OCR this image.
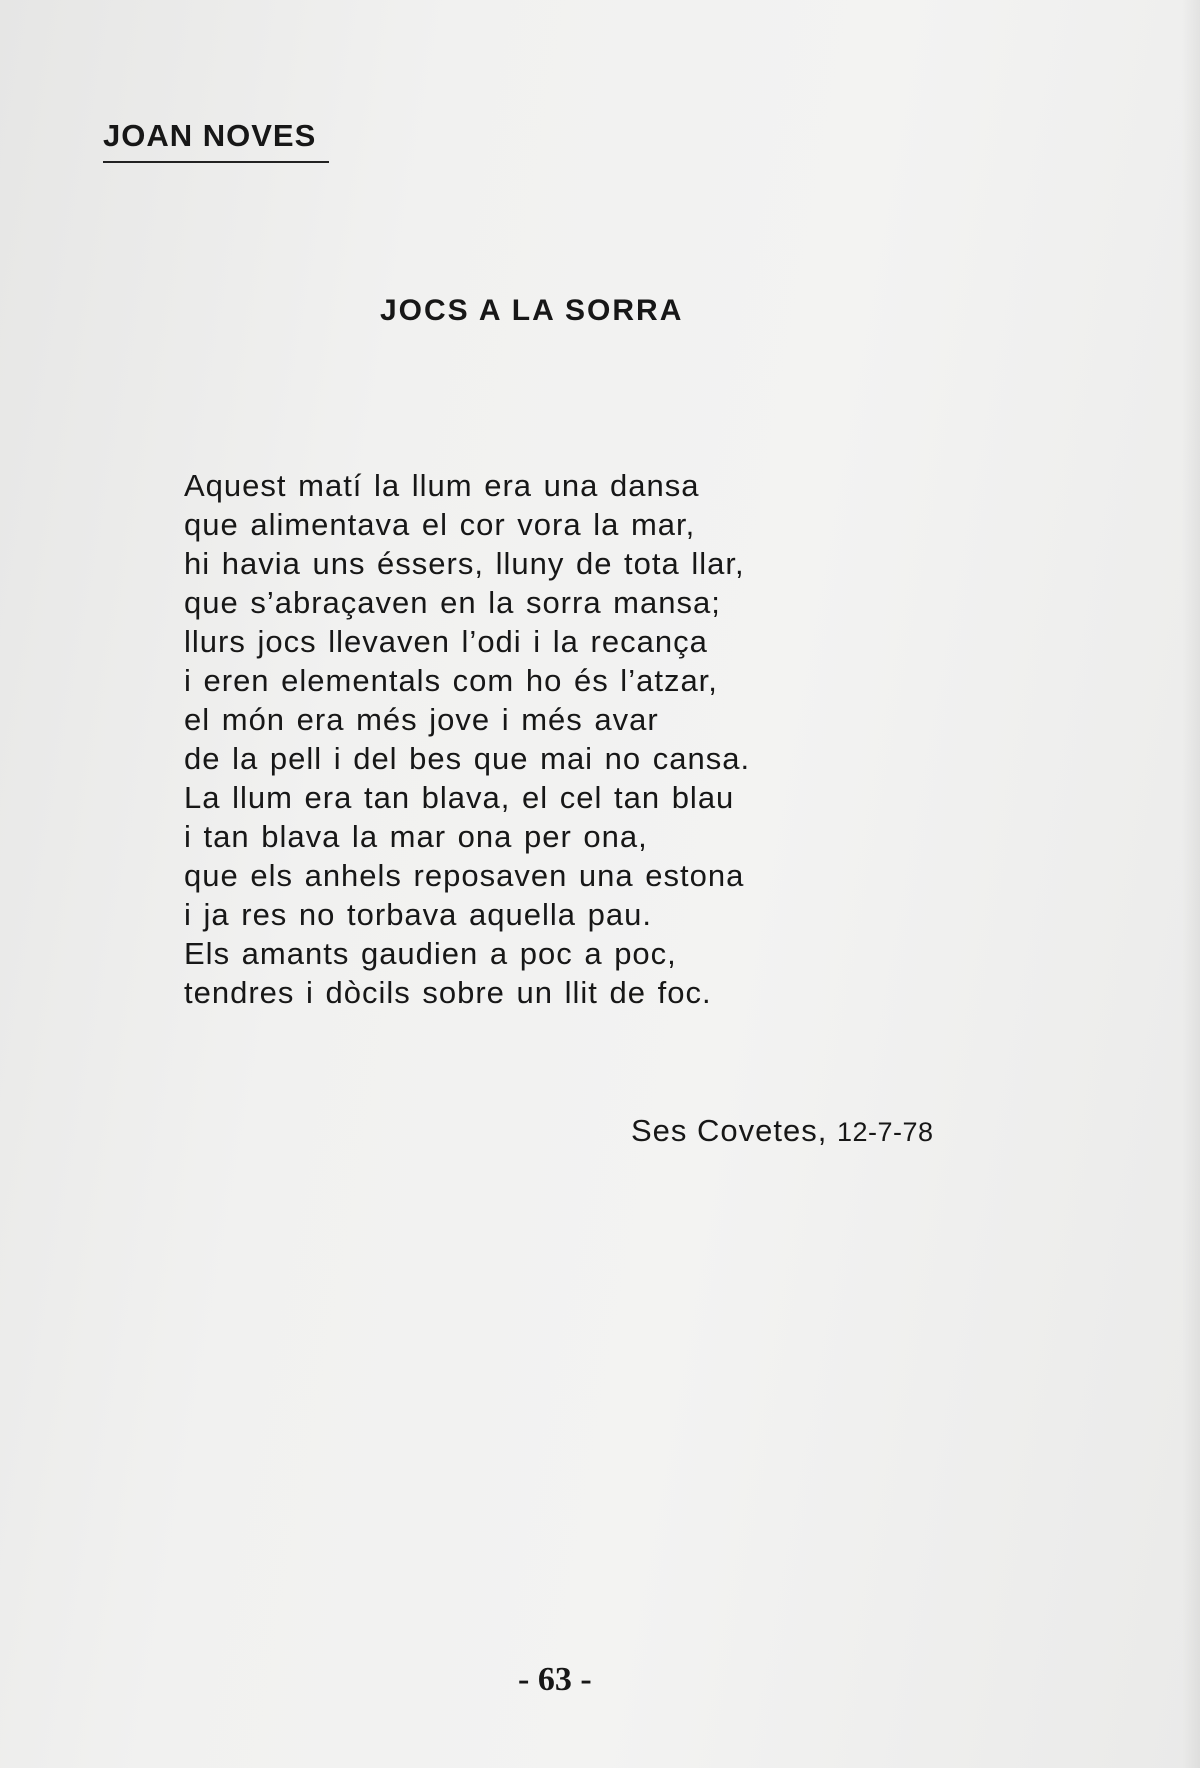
JOAN NOVES
JOCS A LA SORRA
Aquest matí la llum era una dansa
que alimentava el cor vora la mar,
hi havia uns éssers, lluny de tota llar,
que s’abraçaven en la sorra mansa;
llurs jocs llevaven l’odi i la recança
i eren elementals com ho és l’atzar,
el món era més jove i més avar
de la pell i del bes que mai no cansa.
La llum era tan blava, el cel tan blau
i tan blava la mar ona per ona,
que els anhels reposaven una estona
i ja res no torbava aquella pau.
Els amants gaudien a poc a poc,
tendres i dòcils sobre un llit de foc.
Ses Covetes, 12-7-78
- 63 -
